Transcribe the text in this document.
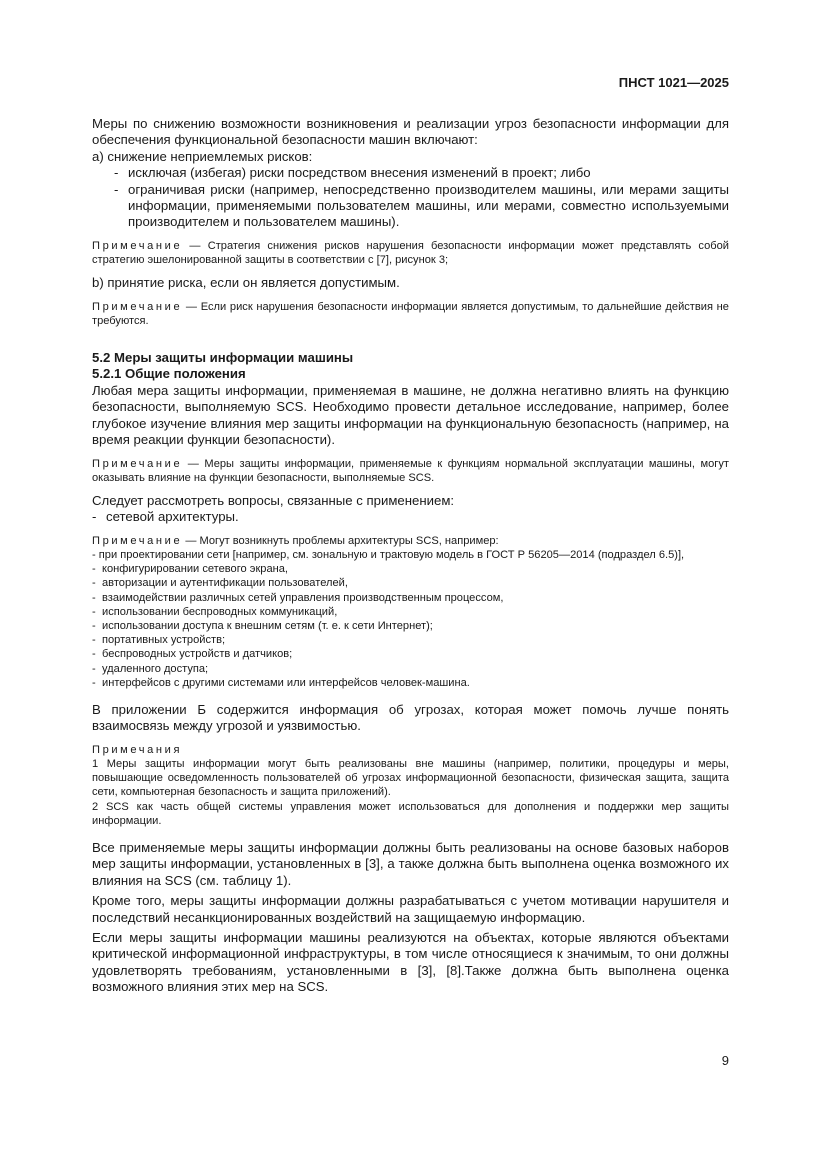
ПНСТ 1021—2025

Меры по снижению возможности возникновения и реализации угроз безопасности информации для обеспечения функциональной безопасности машин включают:

а) снижение неприемлемых рисков:

- исключая (избегая) риски посредством внесения изменений в проект; либо
- ограничивая риски (например, непосредственно производителем машины, или мерами защиты информации, применяемыми пользователем машины, или мерами, совместно используемыми производителем и пользователем машины).

Примечание — Стратегия снижения рисков нарушения безопасности информации может представлять собой стратегию эшелонированной защиты в соответствии с [7], рисунок 3;

b) принятие риска, если он является допустимым.

Примечание — Если риск нарушения безопасности информации является допустимым, то дальнейшие действия не требуются.

5.2 Меры защиты информации машины

5.2.1 Общие положения

Любая мера защиты информации, применяемая в машине, не должна негативно влиять на функцию безопасности, выполняемую SCS. Необходимо провести детальное исследование, например, более глубокое изучение влияния мер защиты информации на функциональную безопасность (например, на время реакции функции безопасности).

Примечание — Меры защиты информации, применяемые к функциям нормальной эксплуатации машины, могут оказывать влияние на функции безопасности, выполняемые SCS.

Следует рассмотреть вопросы, связанные с применением:

- сетевой архитектуры.

Примечание — Могут возникнуть проблемы архитектуры SCS, например:

- при проектировании сети [например, см. зональную и трактовую модель в ГОСТ Р 56205—2014 (подраздел 6.5)],

- конфигурировании сетевого экрана,
- авторизации и аутентификации пользователей,
- взаимодействии различных сетей управления производственным процессом,
- использовании беспроводных коммуникаций,
- использовании доступа к внешним сетям (т. е. к сети Интернет);
- портативных устройств;
- беспроводных устройств и датчиков;
- удаленного доступа;
- интерфейсов с другими системами или интерфейсов человек-машина.

В приложении Б содержится информация об угрозах, которая может помочь лучше понять взаимосвязь между угрозой и уязвимостью.

Примечания

1 Меры защиты информации могут быть реализованы вне машины (например, политики, процедуры и меры, повышающие осведомленность пользователей об угрозах информационной безопасности, физическая защита, защита сети, компьютерная безопасность и защита приложений).

2 SCS как часть общей системы управления может использоваться для дополнения и поддержки мер защиты информации.

Все применяемые меры защиты информации должны быть реализованы на основе базовых наборов мер защиты информации, установленных в [3], а также должна быть выполнена оценка возможного их влияния на SCS (см. таблицу 1).

Кроме того, меры защиты информации должны разрабатываться с учетом мотивации нарушителя и последствий несанкционированных воздействий на защищаемую информацию.

Если меры защиты информации машины реализуются на объектах, которые являются объектами критической информационной инфраструктуры, в том числе относящиеся к значимым, то они должны удовлетворять требованиям, установленными в [3], [8].Также должна быть выполнена оценка возможного влияния этих мер на SCS.

9
